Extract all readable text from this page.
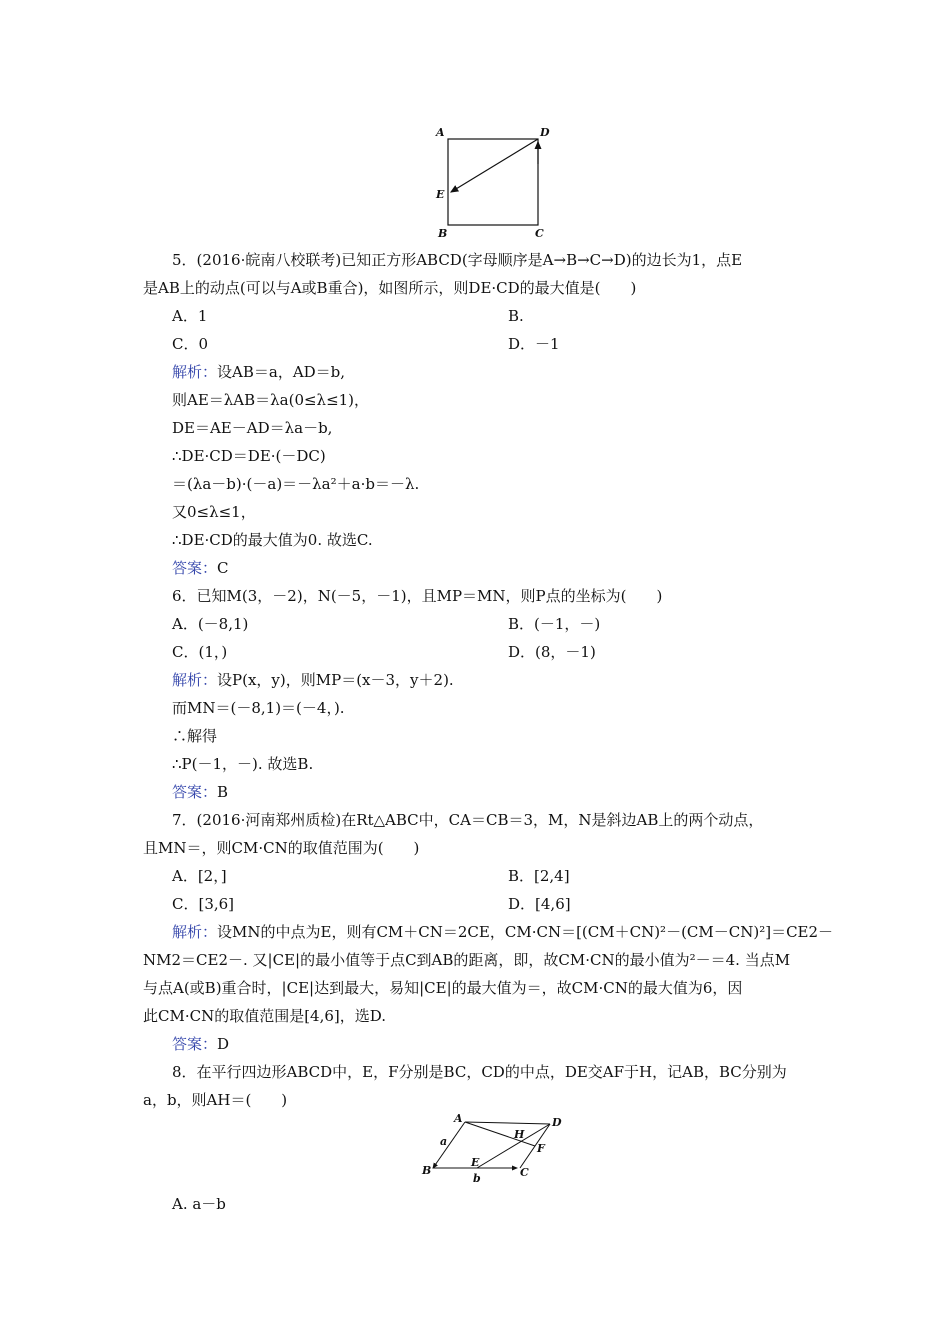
A	D
E
B	C
5．(2016·皖南八校联考)已知正方形ABCD(字母顺序是A→B→C→D)的边长为1，点E
是AB上的动点(可以与A或B重合)，如图所示，则DE·CD的最大值是(　　)
A．1	B.
C．0	D．－1
解析：设AB＝a，AD＝b,
则AE＝λAB＝λa(0≤λ≤1)，
DE＝AE－AD＝λa－b,
∴DE·CD＝DE·(－DC)
＝(λa－b)·(－a)＝－λa²＋a·b＝－λ.
又0≤λ≤1，
∴DE·CD的最大值为0. 故选C.
答案：C
6．已知M(3，－2)，N(－5，－1)，且MP＝MN，则P点的坐标为(　　)
A．(－8,1)	B．(－1，－)
C．(1，)	D．(8，－1)
解析：设P(x，y)，则MP＝(x－3，y＋2).
而MN＝(－8,1)＝(－4，).
∴解得
∴P(－1，－). 故选B.
答案：B
7．(2016·河南郑州质检)在Rt△ABC中，CA＝CB＝3，M，N是斜边AB上的两个动点，
且MN＝，则CM·CN的取值范围为(　　)
A．[2，]	B．[2,4]
C．[3,6]	D．[4,6]
解析：设MN的中点为E，则有CM＋CN＝2CE，CM·CN＝[(CM＋CN)²－(CM－CN)²]＝CE2－
NM2＝CE2－. 又|CE|的最小值等于点C到AB的距离，即，故CM·CN的最小值为²－＝4. 当点M
与点A(或B)重合时，|CE|达到最大，易知|CE|的最大值为＝，故CM·CN的最大值为6，因
此CM·CN的取值范围是[4,6]，选D.
答案：D
8．在平行四边形ABCD中，E，F分别是BC，CD的中点，DE交AF于H，记AB，BC分别为
a，b，则AH＝(　　)
A	D
H
F
a
B
E
C
b
A. a－b
